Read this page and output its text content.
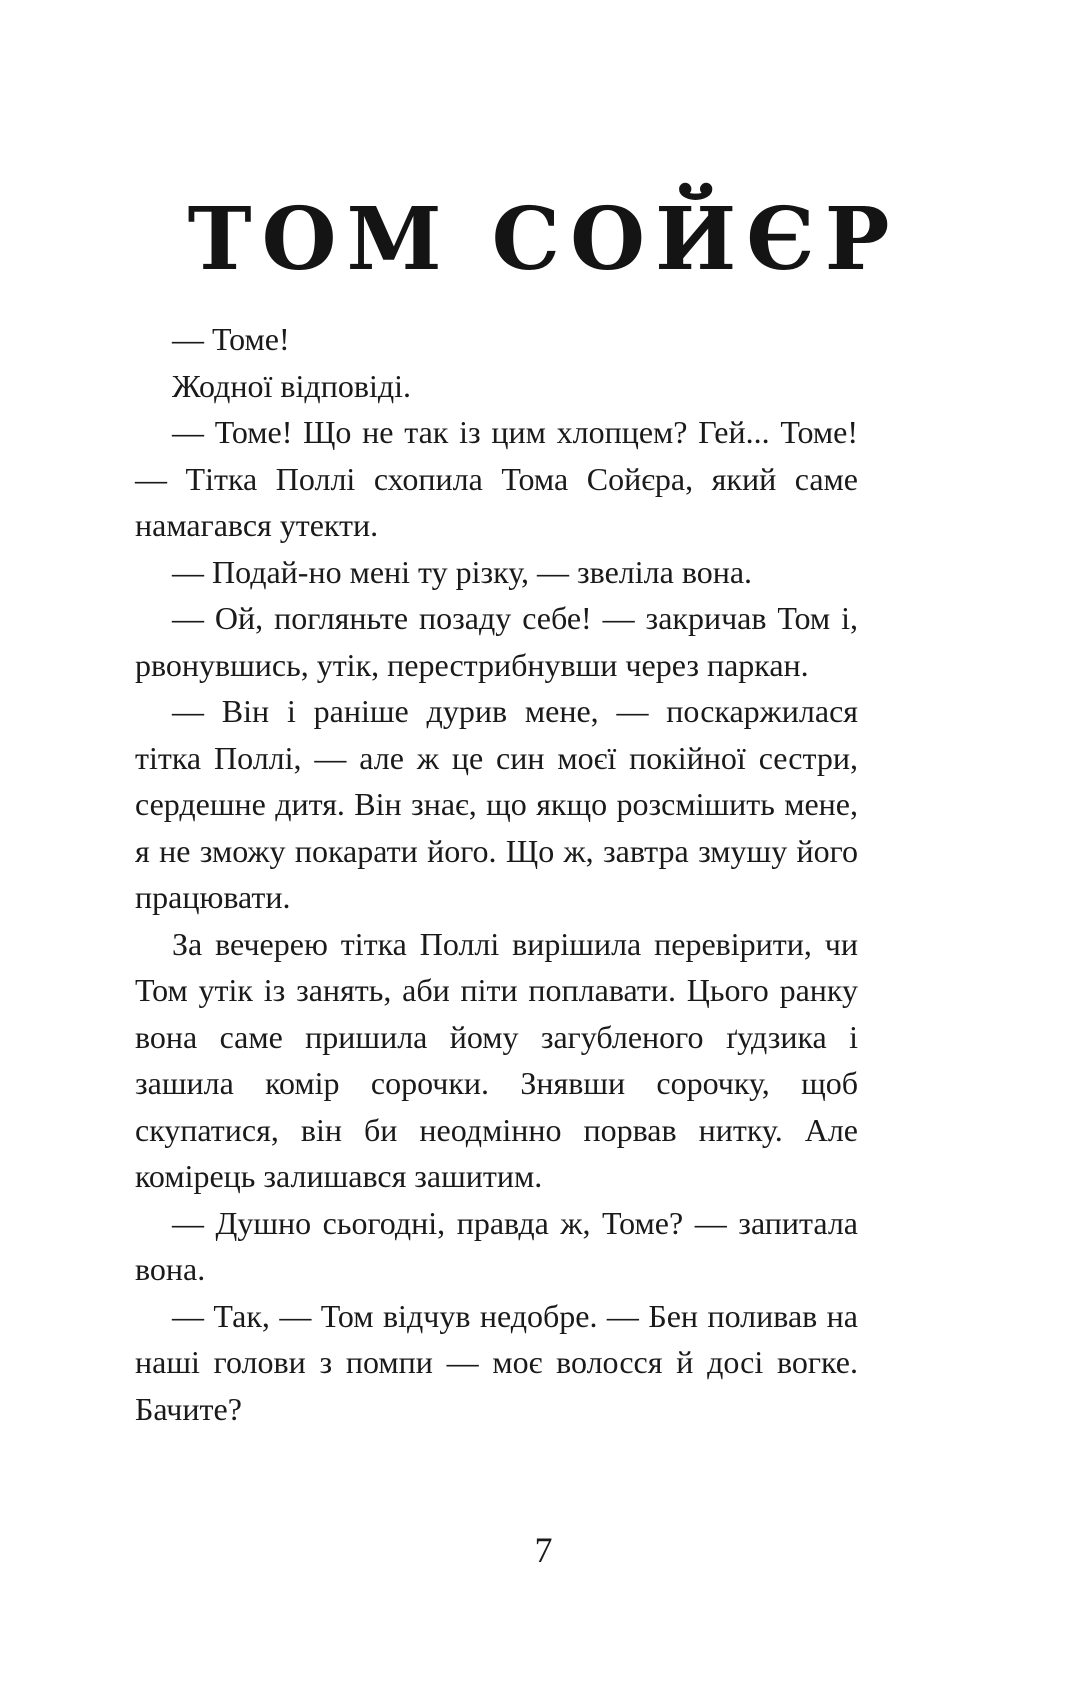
ТОМ СОЙЄР

— Томе!

Жодної відповіді.

— Томе! Що не так із цим хлопцем? Гей... Томе! — Тітка Поллі схопила Тома Сойєра, який саме намагався утекти.

— Подай-но мені ту різку, — звеліла вона.

— Ой, погляньте позаду себе! — закричав Том і, рвонувшись, утік, перестрибнувши через паркан.

— Він і раніше дурив мене, — поскаржилася тітка Поллі, — але ж це син моєї покійної сестри, сердешне дитя. Він знає, що якщо розсмішить мене, я не зможу покарати його. Що ж, завтра змушу його працювати.

За вечерею тітка Поллі вирішила перевірити, чи Том утік із занять, аби піти поплавати. Цього ранку вона саме пришила йому загубленого ґудзика і зашила комір сорочки. Знявши сорочку, щоб скупатися, він би неодмінно порвав нитку. Але комірець залишався зашитим.

— Душно сьогодні, правда ж, Томе? — запитала вона.

— Так, — Том відчув недобре. — Бен поливав на наші голови з помпи — моє волосся й досі вогке. Бачите?

7
